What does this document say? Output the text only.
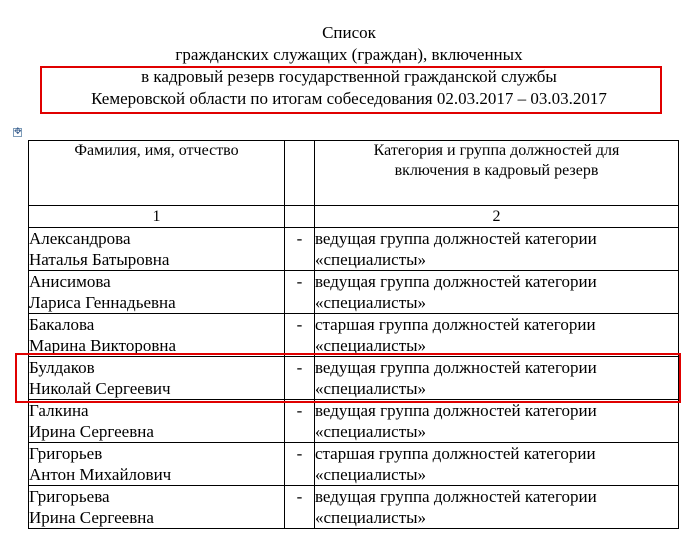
Список
гражданских служащих (граждан), включенных
в кадровый резерв государственной гражданской службы
Кемеровской области по итогам собеседования 02.03.2017 – 03.03.2017
✥
Фамилия, имя, отчество		Категория и группа должностей для
включения в кадровый резерв

1		2

Александрова
Наталья Батыровна	-	ведущая группа должностей категории
«специалисты»

Анисимова
Лариса Геннадьевна	-	ведущая группа должностей категории
«специалисты»

Бакалова
Марина Викторовна	-	старшая группа должностей категории
«специалисты»

Булдаков
Николай Сергеевич	-	ведущая группа должностей категории
«специалисты»

Галкина
Ирина Сергеевна	-	ведущая группа должностей категории
«специалисты»

Григорьев
Антон Михайлович	-	старшая группа должностей категории
«специалисты»

Григорьева
Ирина Сергеевна	-	ведущая группа должностей категории
«специалисты»
